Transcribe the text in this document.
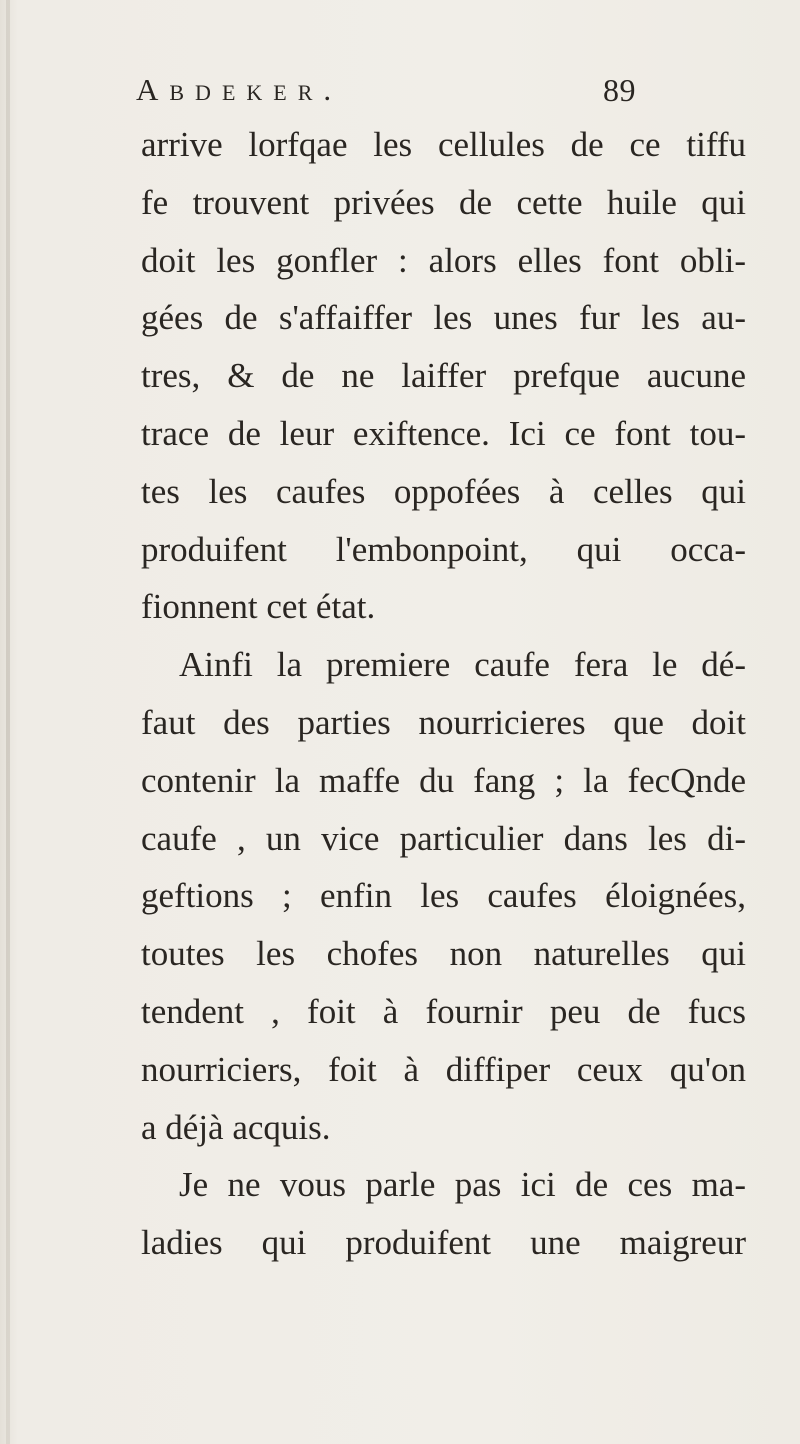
Abdeker.	89
arrive lorfqae les cellules de ce tiffu
fe trouvent privées de cette huile qui
doit les gonfler : alors elles font obli-
gées de s'affaiffer les unes fur les au-
tres, & de ne laiffer prefque aucune
trace de leur exiftence. Ici ce font tou-
tes les caufes oppofées à celles qui
produifent l'embonpoint, qui occa-
fionnent cet état.
Ainfi la premiere caufe fera le dé-
faut des parties nourricieres que doit
contenir la maffe du fang ; la fecQnde
caufe , un vice particulier dans les di-
geftions ; enfin les caufes éloignées,
toutes les chofes non naturelles qui
tendent , foit à fournir peu de fucs
nourriciers, foit à diffiper ceux qu'on
a déjà acquis.
Je ne vous parle pas ici de ces ma-
ladies qui produifent une maigreur
